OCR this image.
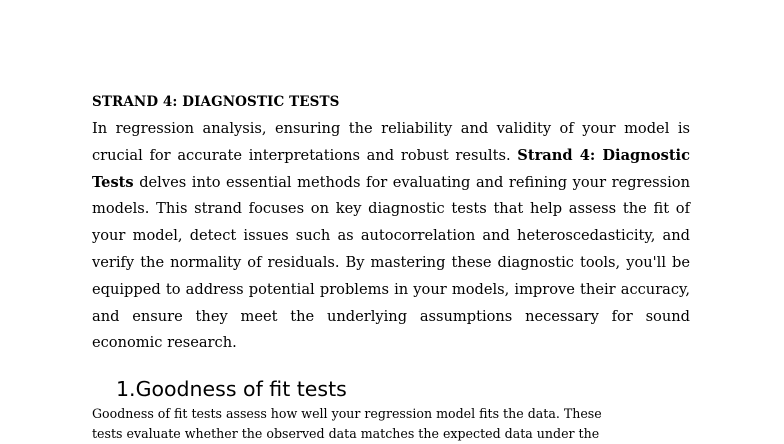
STRAND 4: DIAGNOSTIC TESTS

In regression analysis, ensuring the reliability and validity of your model is crucial for accurate interpretations and robust results. Strand 4: Diagnostic Tests delves into essential methods for evaluating and refining your regression models. This strand focuses on key diagnostic tests that help assess the fit of your model, detect issues such as autocorrelation and heteroscedasticity, and verify the normality of residuals. By mastering these diagnostic tools, you'll be equipped to address potential problems in your models, improve their accuracy, and ensure they meet the underlying assumptions necessary for sound economic research.

1.Goodness of fit tests
Goodness of fit tests assess how well your regression model fits the data. These
tests evaluate whether the observed data matches the expected data under the
